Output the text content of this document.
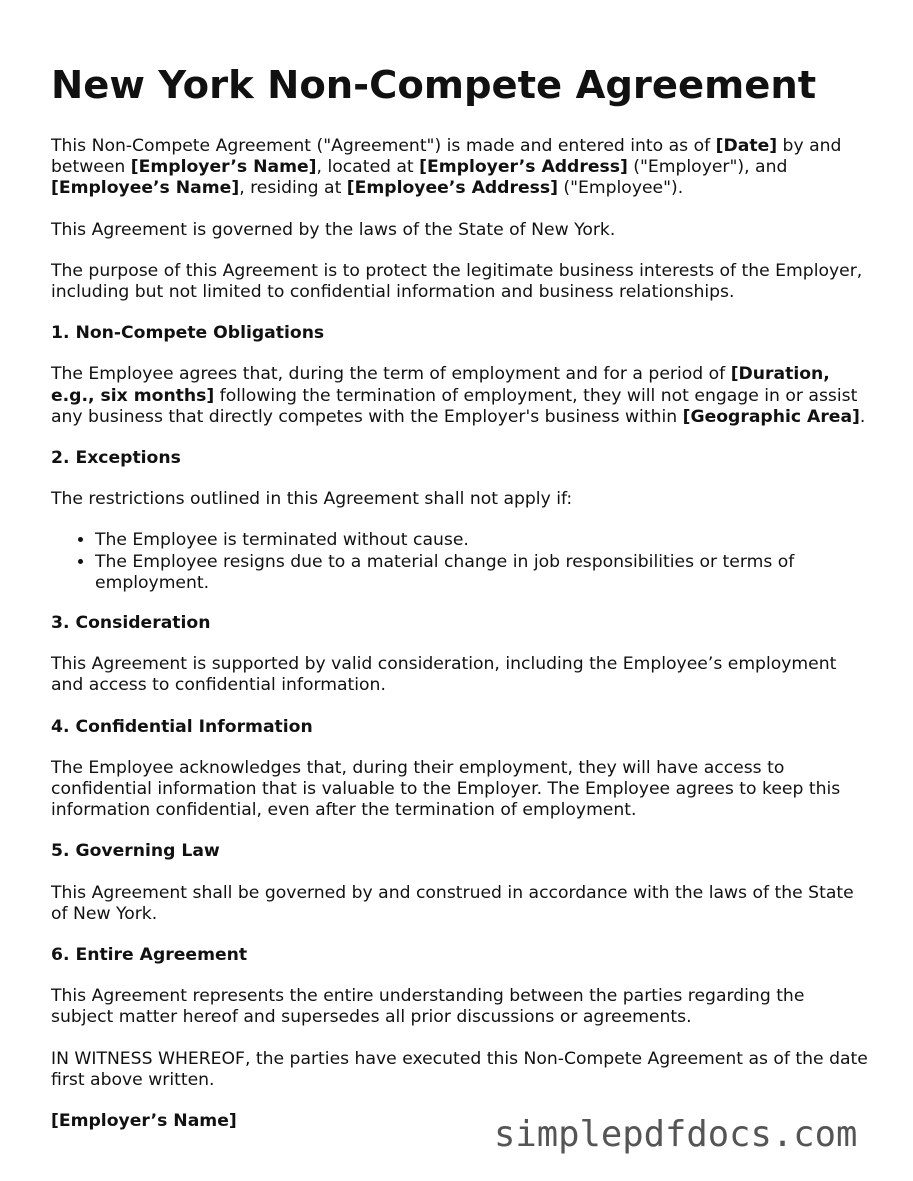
New York Non-Compete Agreement

This Non-Compete Agreement ("Agreement") is made and entered into as of [Date] by and between [Employer’s Name], located at [Employer’s Address] ("Employer"), and [Employee’s Name], residing at [Employee’s Address] ("Employee").

This Agreement is governed by the laws of the State of New York.

The purpose of this Agreement is to protect the legitimate business interests of the Employer, including but not limited to confidential information and business relationships.

1. Non-Compete Obligations

The Employee agrees that, during the term of employment and for a period of [Duration, e.g., six months] following the termination of employment, they will not engage in or assist any business that directly competes with the Employer's business within [Geographic Area].

2. Exceptions

The restrictions outlined in this Agreement shall not apply if:

• The Employee is terminated without cause.
• The Employee resigns due to a material change in job responsibilities or terms of employment.
3. Consideration

This Agreement is supported by valid consideration, including the Employee’s employment and access to confidential information.

4. Confidential Information

The Employee acknowledges that, during their employment, they will have access to confidential information that is valuable to the Employer. The Employee agrees to keep this information confidential, even after the termination of employment.

5. Governing Law

This Agreement shall be governed by and construed in accordance with the laws of the State of New York.

6. Entire Agreement

This Agreement represents the entire understanding between the parties regarding the subject matter hereof and supersedes all prior discussions or agreements.

IN WITNESS WHEREOF, the parties have executed this Non-Compete Agreement as of the date first above written.

[Employer’s Name]	simplepdfdocs.com
